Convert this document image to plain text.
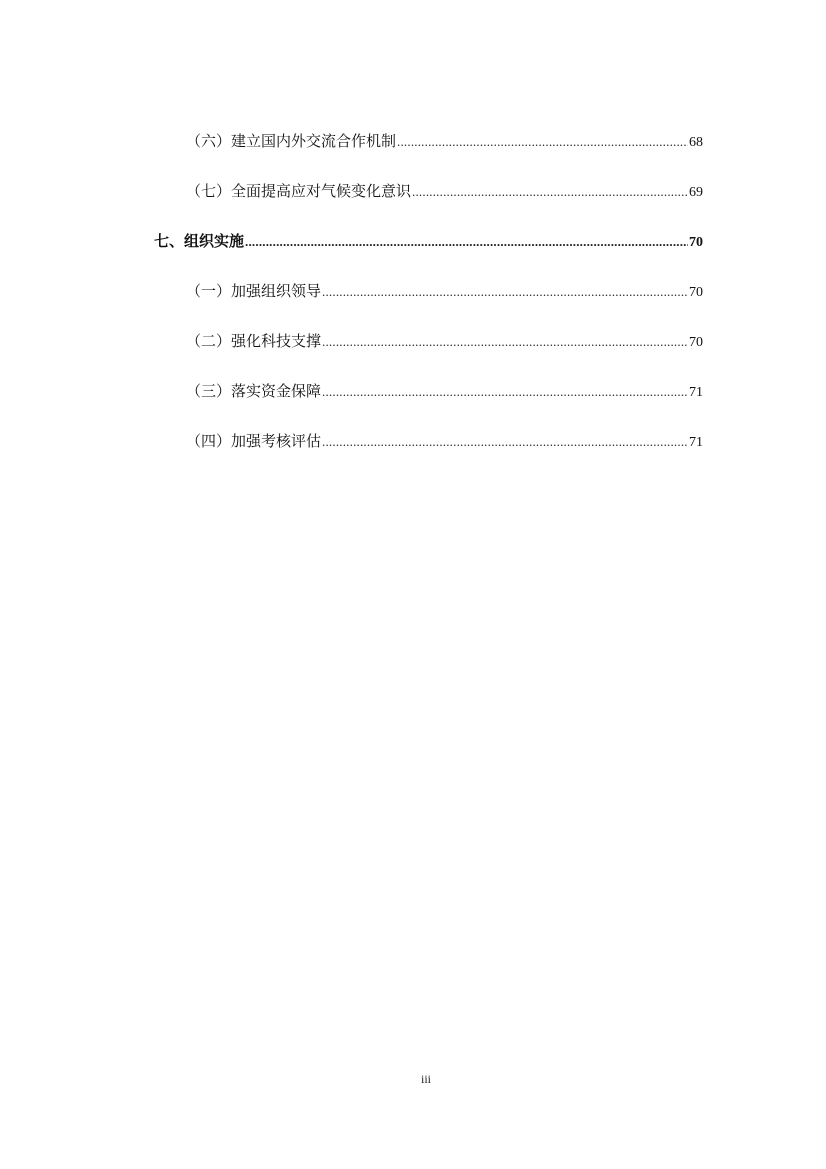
（六）建立国内外交流合作机制 .....	68
（七）全面提高应对气候变化意识 .....	69
七、组织实施 .....	70
（一）加强组织领导 .....	70
（二）强化科技支撑 .....	70
（三）落实资金保障 .....	71
（四）加强考核评估 .....	71
iii
